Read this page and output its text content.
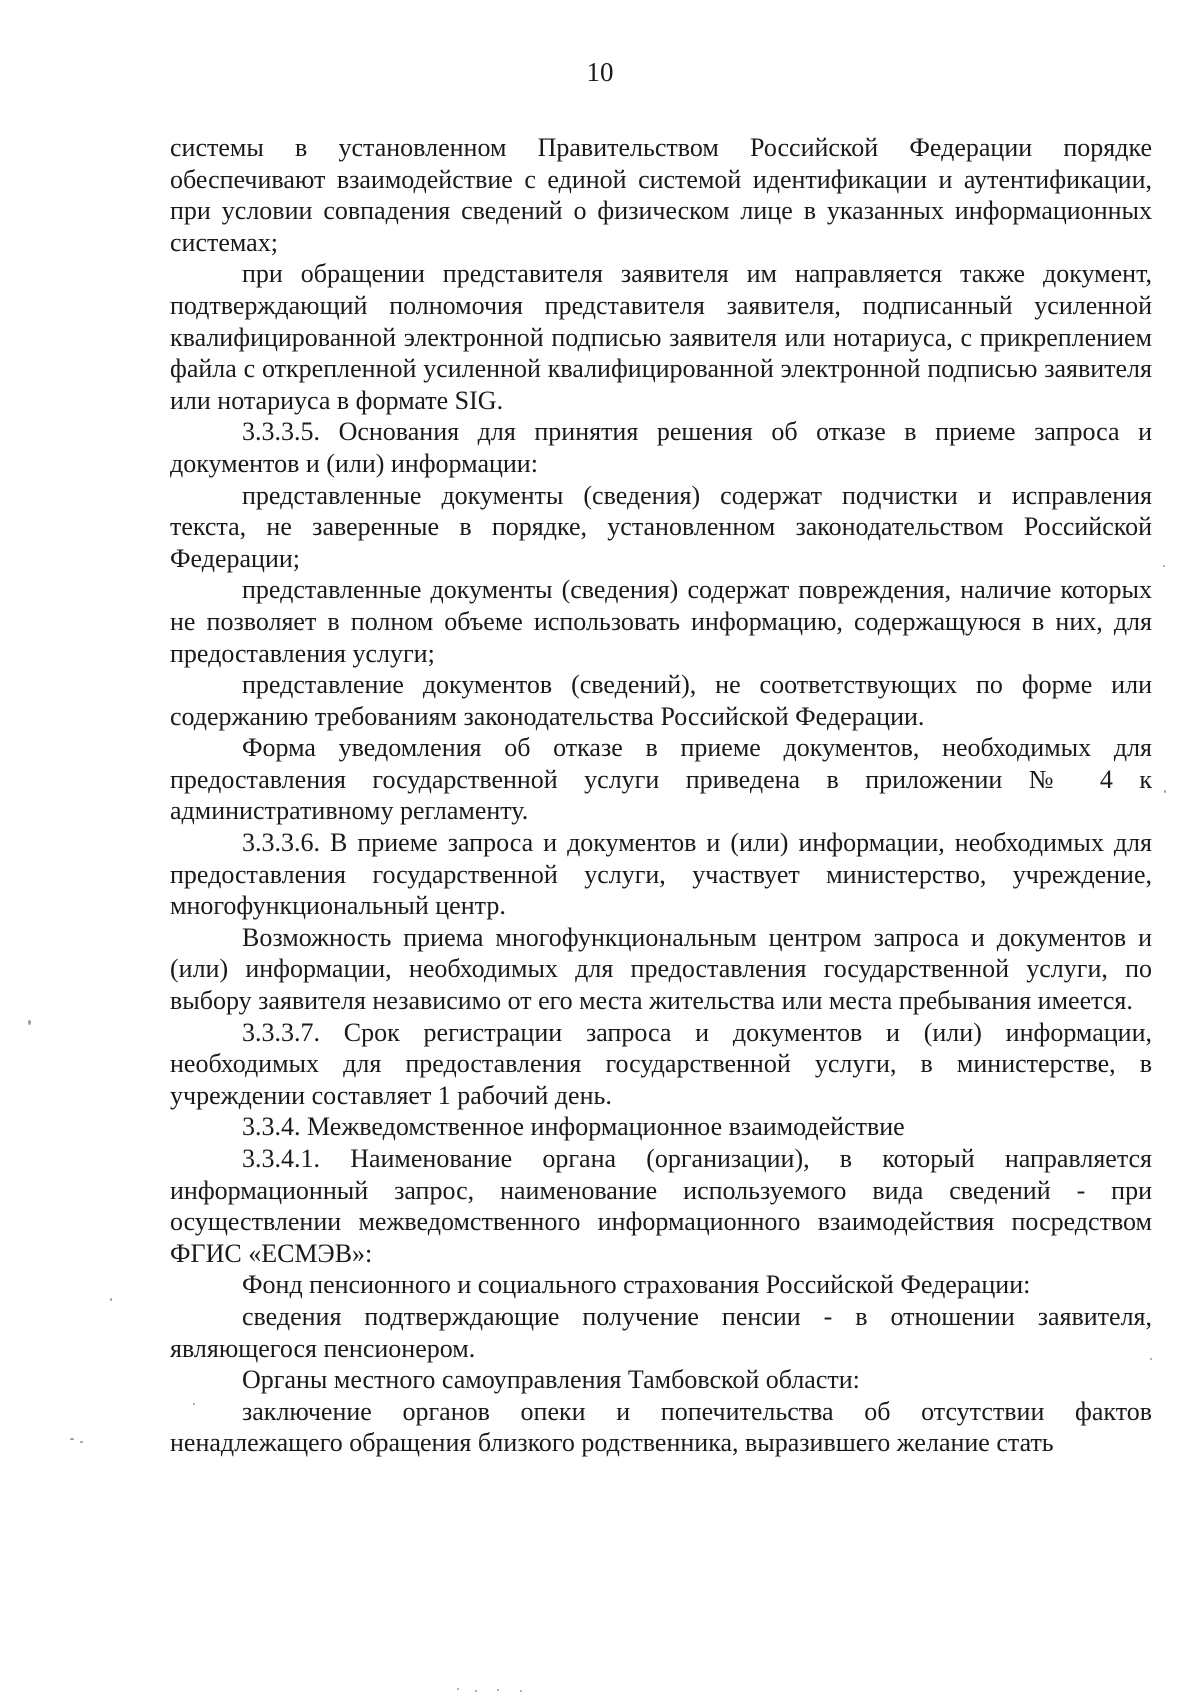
10

системы в установленном Правительством Российской Федерации порядке обеспечивают взаимодействие с единой системой идентификации и аутентификации, при условии совпадения сведений о физическом лице в указанных информационных системах;

при обращении представителя заявителя им направляется также документ, подтверждающий полномочия представителя заявителя, подписанный усиленной квалифицированной электронной подписью заявителя или нотариуса, с прикреплением файла с открепленной усиленной квалифицированной электронной подписью заявителя или нотариуса в формате SIG.

3.3.3.5. Основания для принятия решения об отказе в приеме запроса и документов и (или) информации:

представленные документы (сведения) содержат подчистки и исправления текста, не заверенные в порядке, установленном законодательством Российской Федерации;

представленные документы (сведения) содержат повреждения, наличие которых не позволяет в полном объеме использовать информацию, содержащуюся в них, для предоставления услуги;

представление документов (сведений), не соответствующих по форме или содержанию требованиям законодательства Российской Федерации.

Форма уведомления об отказе в приеме документов, необходимых для предоставления государственной услуги приведена в приложении № 4 к административному регламенту.

3.3.3.6. В приеме запроса и документов и (или) информации, необходимых для предоставления государственной услуги, участвует министерство, учреждение, многофункциональный центр.

Возможность приема многофункциональным центром запроса и документов и (или) информации, необходимых для предоставления государственной услуги, по выбору заявителя независимо от его места жительства или места пребывания имеется.

3.3.3.7. Срок регистрации запроса и документов и (или) информации, необходимых для предоставления государственной услуги, в министерстве, в учреждении составляет 1 рабочий день.

3.3.4. Межведомственное информационное взаимодействие

3.3.4.1. Наименование органа (организации), в который направляется информационный запрос, наименование используемого вида сведений - при осуществлении межведомственного информационного взаимодействия посредством ФГИС «ЕСМЭВ»:

Фонд пенсионного и социального страхования Российской Федерации:

сведения подтверждающие получение пенсии - в отношении заявителя, являющегося пенсионером.

Органы местного самоуправления Тамбовской области:

заключение органов опеки и попечительства об отсутствии фактов ненадлежащего обращения близкого родственника, выразившего желание стать
